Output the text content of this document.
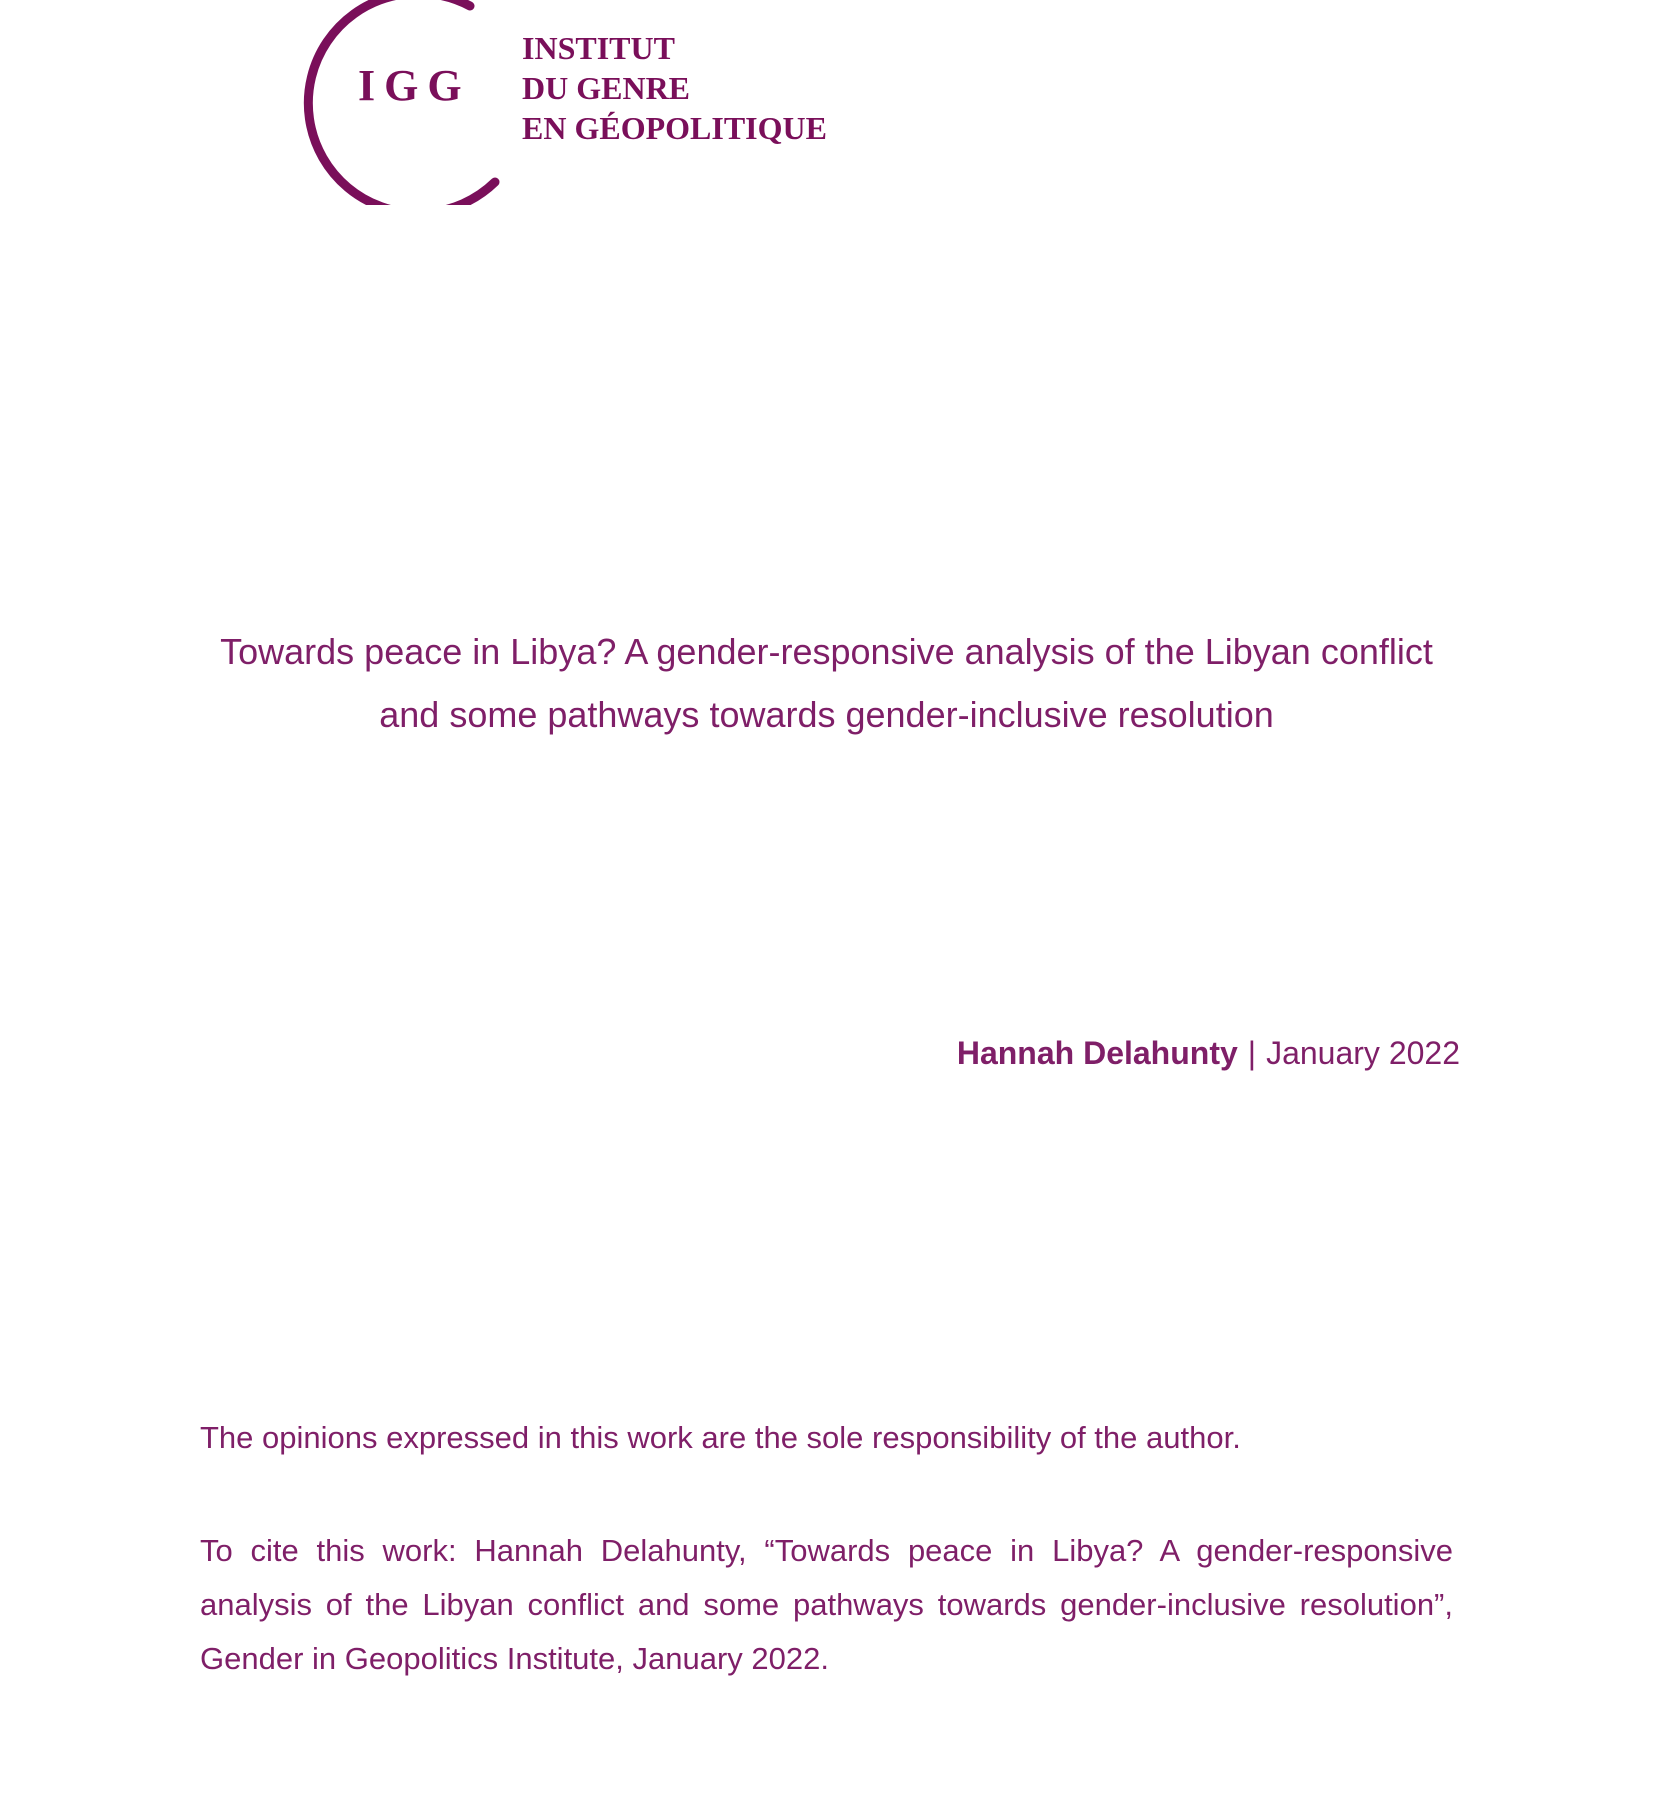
IGG
INSTITUT
DU GENRE
EN GÉOPOLITIQUE
Towards peace in Libya? A gender-responsive analysis of the Libyan conflict and some pathways towards gender-inclusive resolution
Hannah Delahunty | January 2022
The opinions expressed in this work are the sole responsibility of the author.
To cite this work: Hannah Delahunty, “Towards peace in Libya? A gender-responsive analysis of the Libyan conflict and some pathways towards gender-inclusive resolution”, Gender in Geopolitics Institute, January 2022.
